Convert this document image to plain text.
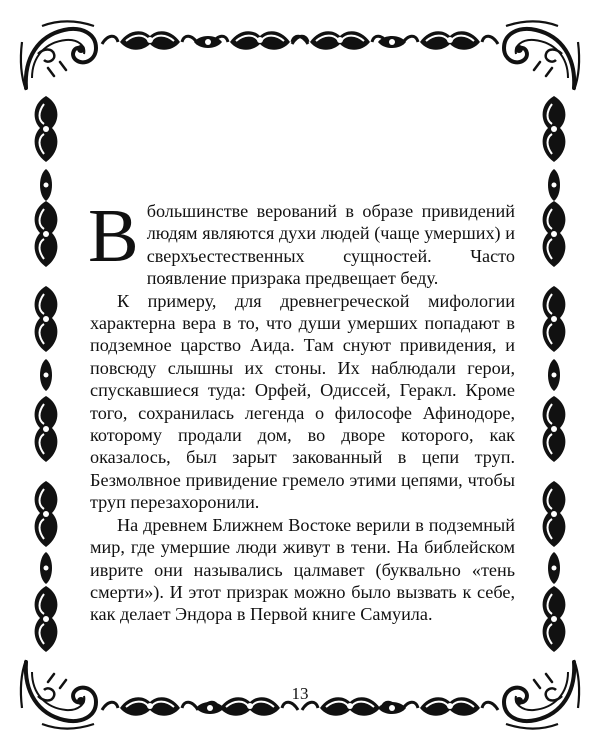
Вбольшинстве верований в образе привидений людям являются духи людей (чаще умерших) и сверхъестественных сущностей. Часто появление призрака предвещает беду.

К примеру, для древнегреческой мифологии характерна вера в то, что души умерших попадают в подземное царство Аида. Там снуют привидения, и повсюду слышны их стоны. Их наблюдали герои, спускавшиеся туда: Орфей, Одиссей, Геракл. Кроме того, сохранилась легенда о философе Афинодоре, которому продали дом, во дворе которого, как оказалось, был зарыт закованный в цепи труп. Безмолвное привидение гремело этими цепями, чтобы труп перезахоронили.

На древнем Ближнем Востоке верили в подземный мир, где умершие люди живут в тени. На библейском иврите они назывались цалмавет (буквально «тень смерти»). И этот призрак можно было вызвать к себе, как делает Эндора в Первой книге Самуила.

13
